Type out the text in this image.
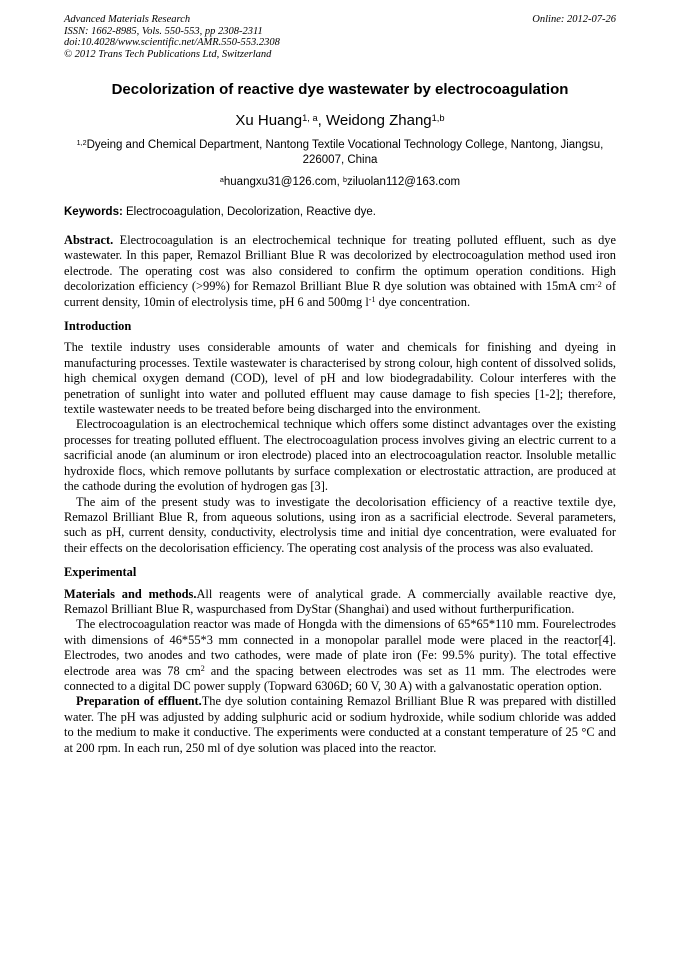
Advanced Materials Research
ISSN: 1662-8985, Vols. 550-553, pp 2308-2311
doi:10.4028/www.scientific.net/AMR.550-553.2308
© 2012 Trans Tech Publications Ltd, Switzerland
Online: 2012-07-26
Decolorization of reactive dye wastewater by electrocoagulation
Xu Huang$^{1, a}$, Weidong Zhang$^{1,b}$
$^{1,2}$Dyeing and Chemical Department, Nantong Textile Vocational Technology College, Nantong, Jiangsu, 226007, China
$^a$huangxu31@126.com, $^b$ziluolan112@163.com
Keywords: Electrocoagulation, Decolorization, Reactive dye.

Abstract. Electrocoagulation is an electrochemical technique for treating polluted effluent, such as dye wastewater. In this paper, Remazol Brilliant Blue R was decolorized by electrocoagulation method used iron electrode. The operating cost was also considered to confirm the optimum operation conditions. High decolorization efficiency (>99%) for Remazol Brilliant Blue R dye solution was obtained with 15mA $cm^{-2}$ of current density, 10min of electrolysis time, pH 6 and 500mg $l^{-1}$ dye concentration.

Introduction

The textile industry uses considerable amounts of water and chemicals for finishing and dyeing in manufacturing processes. Textile wastewater is characterised by strong colour, high content of dissolved solids, high chemical oxygen demand (COD), level of pH and low biodegradability. Colour interferes with the penetration of sunlight into water and polluted effluent may cause damage to fish species [1-2]; therefore, textile wastewater needs to be treated before being discharged into the environment.

Electrocoagulation is an electrochemical technique which offers some distinct advantages over the existing processes for treating polluted effluent. The electrocoagulation process involves giving an electric current to a sacrificial anode (an aluminum or iron electrode) placed into an electrocoagulation reactor. Insoluble metallic hydroxide flocs, which remove pollutants by surface complexation or electrostatic attraction, are produced at the cathode during the evolution of hydrogen gas [3].

The aim of the present study was to investigate the decolorisation efficiency of a reactive textile dye, Remazol Brilliant Blue R, from aqueous solutions, using iron as a sacrificial electrode. Several parameters, such as pH, current density, conductivity, electrolysis time and initial dye concentration, were evaluated for their effects on the decolorisation efficiency. The operating cost analysis of the process was also evaluated.

Experimental

Materials and methods.All reagents were of analytical grade. A commercially available reactive dye, Remazol Brilliant Blue R, waspurchased from DyStar (Shanghai) and used without furtherpurification.

The electrocoagulation reactor was made of Hongda with the dimensions of 65*65*110 mm. Fourelectrodes with dimensions of 46*55*3 mm connected in a monopolar parallel mode were placed in the reactor[4]. Electrodes, two anodes and two cathodes, were made of plate iron (Fe: 99.5% purity). The total effective electrode area was 78 $cm^2$ and the spacing between electrodes was set as 11 mm. The electrodes were connected to a digital DC power supply (Topward 6306D; 60 V, 30 A) with a galvanostatic operation option.

Preparation of effluent.The dye solution containing Remazol Brilliant Blue R was prepared with distilled water. The pH was adjusted by adding sulphuric acid or sodium hydroxide, while sodium chloride was added to the medium to make it conductive. The experiments were conducted at a constant temperature of 25 °C and at 200 rpm. In each run, 250 ml of dye solution was placed into the reactor.
